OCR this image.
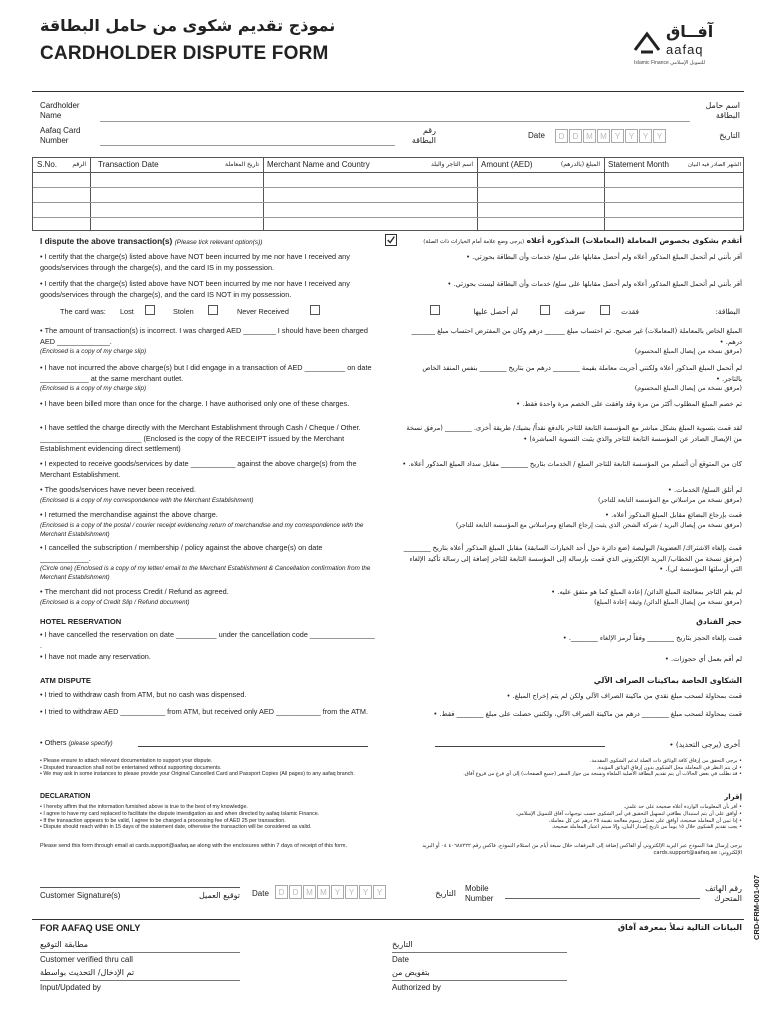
نموذج تقديم شكوى من حامل البطاقة
CARDHOLDER DISPUTE FORM
آفــاق
aafaq
Islamic Finance للتمويل الإسلامي
Cardholder Name
اسم حامل البطاقة
Aafaq Card Number
رقم البطاقة
Date	D D M M Y Y Y Y	التاريخ
S.No.	الرقم	Transaction Date	تاريخ المعاملة	Merchant Name and Country	اسم التاجر والبلد	Amount (AED)	المبلغ (بالدرهم)	Statement Month	الشهر الصادر فيه البيان
I dispute the above transaction(s) (Please tick relevant option(s))	أتقدم بشكوى بخصوص المعاملة (المعاملات) المذكورة أعلاه (يرجى وضع علامة أمام الخيارات ذات الصلة)
• I certify that the charge(s) listed above have NOT been incurred by me nor have I received any goods/services through the charge(s), and the card IS in my possession.
أقر بأنني لم أتحمل المبلغ المذكور أعلاه ولم أحصل مقابلها على سلع/ خدمات وأن البطاقة بحوزتي. •
• I certify that the charge(s) listed above have NOT been incurred by me nor have I received any goods/services through the charge(s), and the card IS NOT in my possession.
أقر بأنني لم أتحمل المبلغ المذكور أعلاه ولم أحصل مقابلها على سلع/ خدمات وأن البطاقة ليست بحوزتي. •
The card was: Lost	Stolen	Never Received	لم أحصل عليها	سرقت	فقدت	البطاقة:
• The amount of transaction(s) is incorrect. I was charged AED ________ I should have been charged AED _____________.
(Enclosed is a copy of my charge slip)
المبلغ الخاص بالمعاملة (المعاملات) غير صحيح. تم احتساب مبلغ ______ درهم وكان من المفترض احتساب مبلغ _______ درهم. •
(مرفق نسخة من إيصال المبلغ المحسوم)
• I have not incurred the above charge(s) but I did engage in a transaction of AED __________ on date ____________ at the same merchant outlet.
(Enclosed is a copy of my charge slip)
لم أتحمل المبلغ المذكور أعلاه ولكنني أجريت معاملة بقيمة ________ درهم من بتاريخ ________ بنفس المنفذ الخاص بالتاجر. •
(مرفق نسخة من إيصال المبلغ المحسوم)
• I have been billed more than once for the charge. I have authorised only one of these charges.	تم خصم المبلغ المطلوب أكثر من مرة وقد وافقت على الخصم مرة واحدة فقط. •
• I have settled the charge directly with the Merchant Establishment through Cash / Cheque / Other. _________________________ (Enclosed is the copy of the RECEIPT issued by the Merchant Establishment evidencing direct settlement)
لقد قمت بتسوية المبلغ بشكل مباشر مع المؤسسة التابعة للتاجر بالدفع نقداً/ بشيك/ طريقة أخرى. ________ (مرفق نسخة من الإيصال الصادر عن المؤسسة التابعة للتاجر والذي يثبت التسوية المباشرة) •
• I expected to receive goods/services by date ___________ against the above charge(s) from the Merchant Establishment.
كان من المتوقع أن أتسلم من المؤسسة التابعة للتاجر السلع / الخدمات بتاريخ ________ مقابل سداد المبلغ المذكور أعلاه. •
• The goods/services have never been received.
(Enclosed is a copy of my correspondence with the Merchant Establishment)
لم أتلق السلع/ الخدمات. •
(مرفق نسخة من مراسلاتي مع المؤسسة التابعة للتاجر)
• I returned the merchandise against the above charge.
(Enclosed is a copy of the postal / courier receipt evidencing return of merchandise and my correspondence with the Merchant Establishment)
قمت بإرجاع البضائع مقابل المبلغ المذكور أعلاه. •
(مرفق نسخة من إيصال البريد / شركة الشحن الذي يثبت إرجاع البضائع ومراسلاتي مع المؤسسة التابعة للتاجر)
• I cancelled the subscription / membership / policy against the above charge(s) on date ____________.
(Circle one) (Enclosed is a copy of my letter/ email to the Merchant Establishment & Cancellation confirmation from the Merchant Establishment)
قمت بإلغاء الاشتراك/ العضوية/ البوليصة (ضع دائرة حول أحد الخيارات السابقة) مقابل المبلغ المذكور أعلاه بتاريخ ________ (مرفق نسخة من الخطاب/ البريد الإلكتروني الذي قمت بإرساله إلى المؤسسة التابعة للتاجر إضافة إلى رسالة تأكيد الإلغاء التي أرسلتها المؤسسة لي). •
• The merchant did not process Credit / Refund as agreed.
(Enclosed is a copy of Credit Slip / Refund document)
لم يقم التاجر بمعالجة المبلغ الدائن/ إعادة المبلغ كما هو متفق عليه. •
(مرفق نسخة من إيصال المبلغ الدائن/ وثيقة إعادة المبلغ)
HOTEL RESERVATION	حجز الفنادق
• I have cancelled the reservation on date __________ under the cancellation code ________________ .
قمت بإلغاء الحجز بتاريخ ________ وفقاً لرمز الإلغاء ________. •
• I have not made any reservation.	لم أقم بعمل أي حجوزات. •
ATM DISPUTE	الشكاوى الخاصة بماكينات الصراف الآلي
• I tried to withdraw cash from ATM, but no cash was dispensed.	قمت بمحاولة لسحب مبلغ نقدي من ماكينة الصراف الآلي ولكن لم يتم إخراج المبلغ. •
• I tried to withdraw AED ___________ from ATM, but received only AED ___________ from the ATM.	قمت بمحاولة لسحب مبلغ ________ درهم من ماكينة الصراف الآلي، ولكنني حصلت على مبلغ ________ فقط. •
• Others (please specify)	أخرى (يرجى التحديد) •
• Please ensure to attach relevant documentation to support your dispute.
• Disputed transaction shall not be entertained without supporting documents.
• We may ask in some instances to please provide your Original Cancelled Card and Passport Copies (All pages) to any aafaq branch.
• يرجى التحقق من إرفاق كافة الوثائق ذات الصلة لدعم الشكوى المقدمة.
• لن يتم النظر في المعاملة محل الشكوى بدون إرفاق الوثائق المؤيدة.
• قد نطلب في بعض الحالات أن يتم تقديم البطاقة الأصلية الملغاة ونسخة من جواز السفر (جميع الصفحات) إلى أي فرع من فروع آفاق.
DECLARATION	إقرار
• I hereby affirm that the information furnished above is true to the best of my knowledge.
• I agree to have my card replaced to facilitate the dispute investigation as and when directed by aafaq Islamic Finance.
• If the transaction appears to be valid, I agree to be charged a processing fee of AED 25 per transaction.
• Dispute should reach within in 15 days of the statement date, otherwise the transaction will be considered as valid.
• أقر بأن المعلومات الواردة أعلاه صحيحة على حد علمي.
• أوافق على أن يتم استبدال بطاقتي لتسهيل التحقيق في أمر الشكوى حسب توجيهات آفاق للتمويل الإسلامي.
• إذا تبين أن المعاملة صحيحة، أوافق على تحمل رسوم معالجة بقيمة ٢٥ درهم عن كل معاملة.
• يجب تقديم الشكوى خلال ١٥ يوماً من تاريخ إصدار البيان، وإلا سيتم اعتبار المعاملة صحيحة.
Please send this form through email at cards.support@aafaq.ae along with the enclosures within 7 days of receipt of this form.	يرجى إرسال هذا النموذج عبر البريد الإلكتروني أو الفاكس إضافة إلى المرفقات خلال سبعة أيام من استلام النموذج. فاكس رقم ٤٠٦٨٨٢٢٢ ٠٤ أو البريد الإلكتروني: cards.support@aafaq.ae
Customer Signature(s)	توقيع العميل Date	D D M M Y Y Y Y	التاريخ
Mobile Number
رقم الهاتف المتحرك
FOR AAFAQ USE ONLY	البيانات التالية تملأ بمعرفة آفاق
مطابقة التوقيع
Customer verified thru call
تم الإدخال/ التحديث بواسطة
Input/Updated by
التاريخ
Date
بتفويض من
Authorized by
CRD-FRM-001-007
